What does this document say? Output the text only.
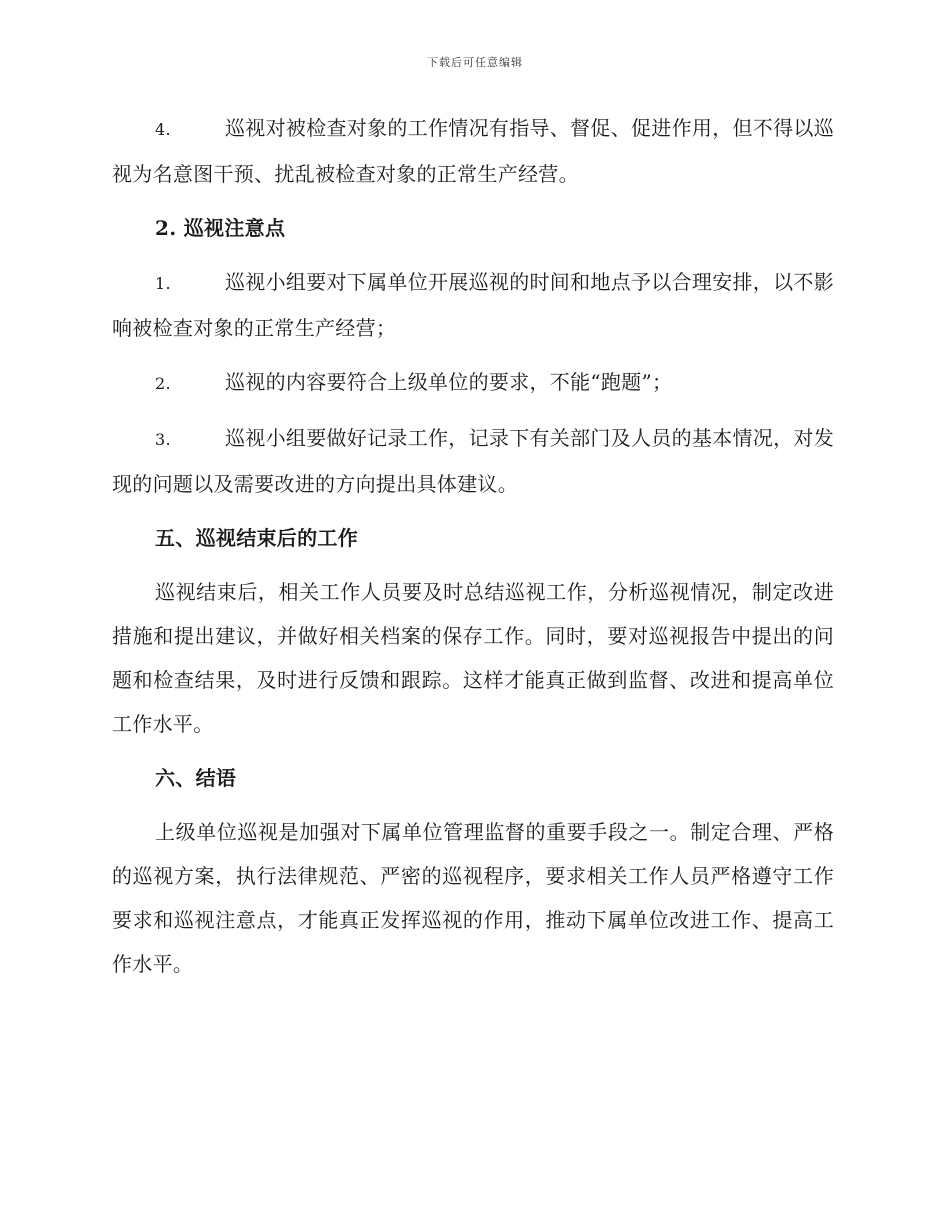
下载后可任意编辑

4.	巡视对被检查对象的工作情况有指导、督促、促进作用，但不得以巡视为名意图干预、扰乱被检查对象的正常生产经营。

2. 巡视注意点

1.	巡视小组要对下属单位开展巡视的时间和地点予以合理安排，以不影响被检查对象的正常生产经营；

2.	巡视的内容要符合上级单位的要求，不能“跑题”；

3.	巡视小组要做好记录工作，记录下有关部门及人员的基本情况，对发现的问题以及需要改进的方向提出具体建议。

五、巡视结束后的工作

巡视结束后，相关工作人员要及时总结巡视工作，分析巡视情况，制定改进措施和提出建议，并做好相关档案的保存工作。同时，要对巡视报告中提出的问题和检查结果，及时进行反馈和跟踪。这样才能真正做到监督、改进和提高单位工作水平。

六、结语

上级单位巡视是加强对下属单位管理监督的重要手段之一。制定合理、严格的巡视方案，执行法律规范、严密的巡视程序，要求相关工作人员严格遵守工作要求和巡视注意点，才能真正发挥巡视的作用，推动下属单位改进工作、提高工作水平。
